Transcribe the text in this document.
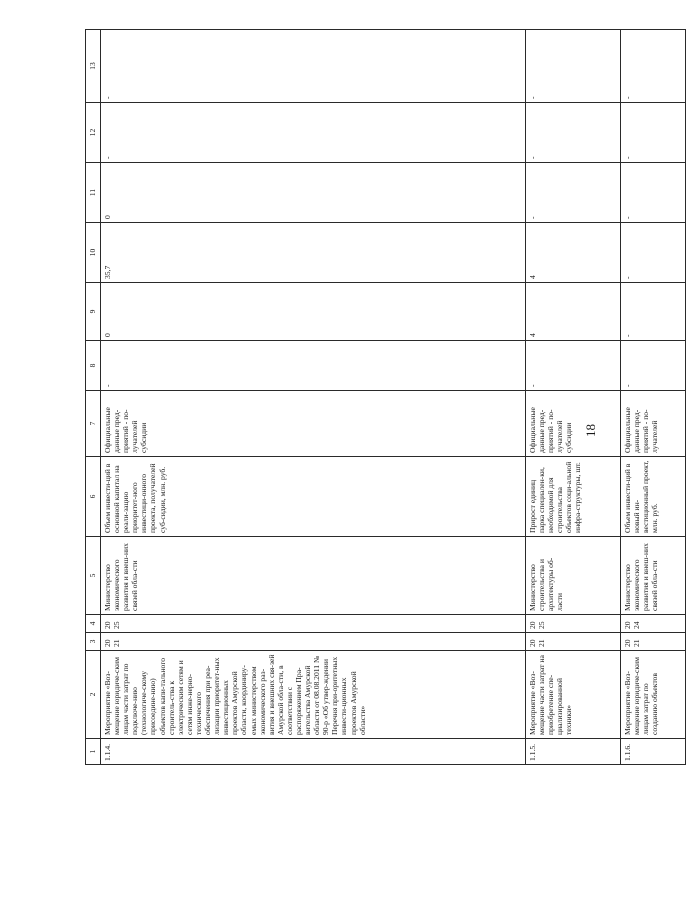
18
1	2	3	4	5	6	7	8	9	10	11	12	13
1.1.4.	Мероприятие «Воз-мещение юридиче-ским лицам части затрат по подключе-нию (технологиче-скому присоедине-нию) объектов капи-тального строитель-ства к электрическим сетям и сетям инже-нерно-технического обеспечения при реа-лизации приоритет-ных инвестиционных проектов Амурской области, координиру-емых министерством экономического раз-вития и внешних свя-зей Амурской обла-сти, в соответствии с распоряжением Пра-вительства Амурской области от 08.08.2011 № 90-р «Об утвер-ждении Перечня при-оритетных инвести-ционных проектов Амурской области»	2021	2025	Министерство экономического развития и внеш-них связей обла-сти	Объем инвести-ций в основной капитал на реали-зацию приоритет-ного инвестици-онного проекта, получателей суб-сидии, млн. руб.	Официальные данные пред-приятий - по-лучателей субсидии	-	0	35,7	0	-	-
1.1.5.	Мероприятие «Воз-мещение части затрат на приобретение спе-циализированной техники»	2021	2025	Министерство строительства и архитектуры об-ласти	Прирост единиц парка специален-ки, необходимой для строительства объектов соци-альной инфра-структуры, шт.	Официальные данные пред-приятий - по-лучателей субсидии	-	4	4	-	-	-
1.1.6.	Мероприятие «Воз-мещение юридиче-ским лицам затрат по созданию объектов	2021	2024	Министерство экономического развития и внеш-них связей обла-сти	Объем инвести-ций в новый ин-вестиционный проект, млн. руб.	Официальные данные пред-приятий - по-лучателей	-	-	-	-	-	-
